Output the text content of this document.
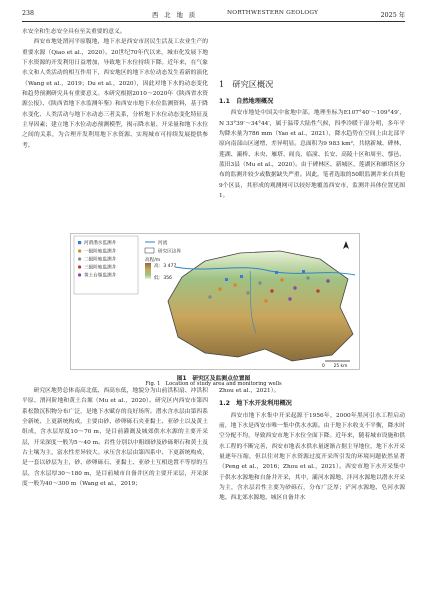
238	西 北 地 质	NORTHWESTERN GEOLOGY	2025 年

水安全和生态安全具有至关重要的意义。

西安市地处渭河平原腹地，地下水是西安市居民生活及工农业生产的重要水源（Qiao et al.，2020）。20世纪70年代以来，城市化发展下地下水资源的开发利用日益增加，导致地下水位持续下降。近年来，在气象水文和人类活动的相互作用下，西安地区的地下水位动态发生着新的演化（Wang et al.，2019；Du et al.，2020），因此对地下水的动态变化和趋势预测研究具有重要意义。本研究根据2010～2020年《陕西省水资源公报》、《陕西省地下水监测年鉴》和西安市地下水位监测资料，基于降水变化、人类活动与地下水动态三者关系，分析地下水位动态变化特征及主导因素；建立地下水位动态预测模型，揭示降水量、开采量和地下水位之间的关系，为合理开发利用地下水资源、实现城市可持续发展提供参考。

1　研究区概况
1.1　自然地理概况

西安市地处中国关中盆地中部，地理坐标为E107°40′～109°49′，N 33°39′～34°44′，属于温带大陆性气候，四季冷暖干湿分明，多年平均降水量为786 mm（Yao et al.，2021），降水趋势在空间上由北部平原向南部山区递增，差异明显。总面积为9 983 km²，共辖新城、碑林、莲湖、灞桥、未央、雁塔、阎良、临潼、长安、高陵十区和周至、鄠邑、蓝田3县（Mu et al.，2020）。由于碑林区、新城区、莲湖区和雁塔区分布的监测井较少或数据缺失严重。因此，笔者选取的50眼监测井来自其他9个区县，其形成的观测网可以较好地覆盖西安市，监测井具体位置见图1。

河渭潜水监测井
一级阶地监测井
二级阶地监测井
三级阶地监测井
黄土台塬监测井
河流
研究区边界
高程/m
高：3 477
低：356
0　　25 km
图1　研究区及监测点位置图
Fig. 1　Location of study area and monitoring wells

研究区地势总体南高北低、西高东低，地貌分为山前洪积扇、冲洪积平原、渭河阶地和黄土台塬（Mu et al.，2020）。研究区内西安市第四系松散沉积物分布广泛，是地下水赋存的良好场所。潜水含水层由第四系全新统、上更新统构成，主要由砂、砂卵砾石夹亚黏土、亚砂土以及黄土组成，含水层厚度10～70 m，是目前灌溉及城郊供水水源的主要开采层，开采深度一般为5～40 m。岩性分别以中粗细砂及砂砾卵石和黄土及古土壤为主，富水性差异较大。承压含水层由第四系中、下更新统构成，是一套以砂层为主，砂、砂卵砾石、亚黏土、亚砂土互相迭置不等厚的互层，含水层厚30～180 m，是目前城市自备井区的主要开采层，开采深度一般为40～300 m（Wang et al.，2019；

Zhou et al.，2021）。

1.2　地下水开发利用概况

西安市地下水集中开采起源于1956年，2000年黑河引水工程启动前，地下水是西安市唯一集中供水水源。由于地下水收支不平衡，降水时空分配不均，导致西安市地下水位全面下降。近年来，随着城市设施和供水工程的不断完善，西安市地表水供水量逐渐占据主导地位，地下水开采量逐年压缩，但以往对地下水资源过度开采所引发的环境问题依然显著（Peng et al.，2016；Zhou et al.，2021）。西安市地下水开采集中于供水水源地和自备井开采，其中，灞河水源地、沣河水源地以潜水开采为主，含水层岩性主要为砂砾石，分布广泛厚；浐河水源地、皂河水源地、西北郊水源地、城区自备井水
